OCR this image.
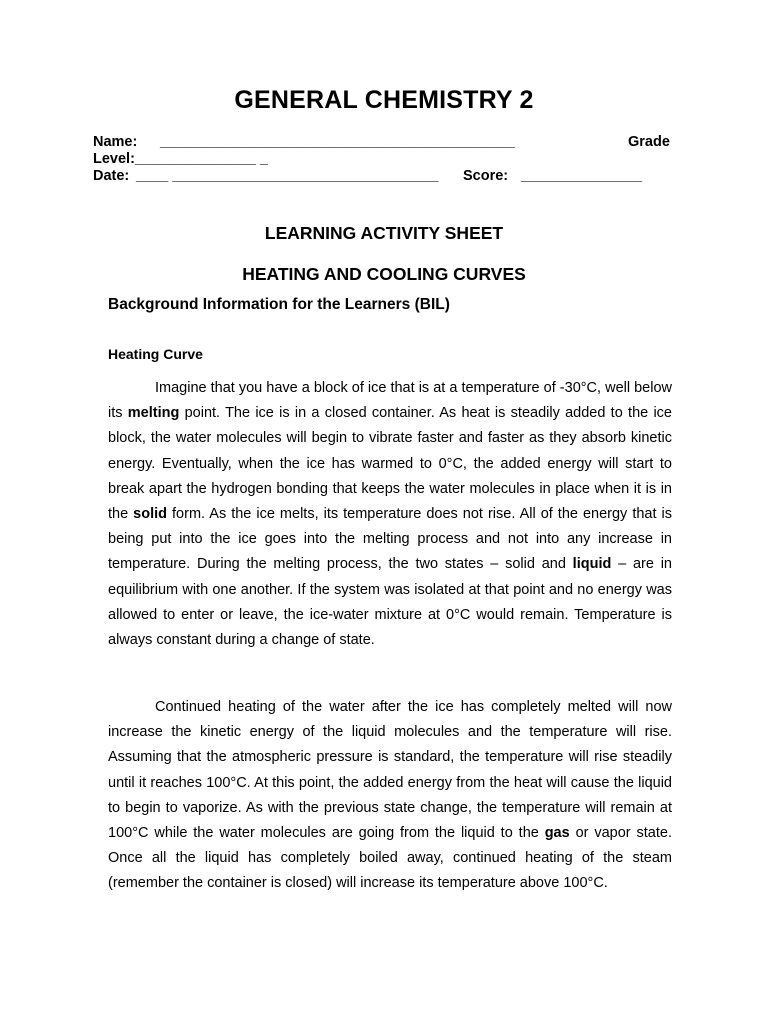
GENERAL CHEMISTRY 2
Name: ____________________________________________	Grade
Level:_______________ _
Date: ____ _________________________________ Score: _______________
LEARNING ACTIVITY SHEET
HEATING AND COOLING CURVES
Background Information for the Learners (BIL)
Heating Curve

Imagine that you have a block of ice that is at a temperature of -30°C, well below its melting point. The ice is in a closed container. As heat is steadily added to the ice block, the water molecules will begin to vibrate faster and faster as they absorb kinetic energy. Eventually, when the ice has warmed to 0°C, the added energy will start to break apart the hydrogen bonding that keeps the water molecules in place when it is in the solid form. As the ice melts, its temperature does not rise. All of the energy that is being put into the ice goes into the melting process and not into any increase in temperature. During the melting process, the two states – solid and liquid – are in equilibrium with one another. If the system was isolated at that point and no energy was allowed to enter or leave, the ice-water mixture at 0°C would remain. Temperature is always constant during a change of state.

Continued heating of the water after the ice has completely melted will now increase the kinetic energy of the liquid molecules and the temperature will rise. Assuming that the atmospheric pressure is standard, the temperature will rise steadily until it reaches 100°C. At this point, the added energy from the heat will cause the liquid to begin to vaporize. As with the previous state change, the temperature will remain at 100°C while the water molecules are going from the liquid to the gas or vapor state. Once all the liquid has completely boiled away, continued heating of the steam (remember the container is closed) will increase its temperature above 100°C.
